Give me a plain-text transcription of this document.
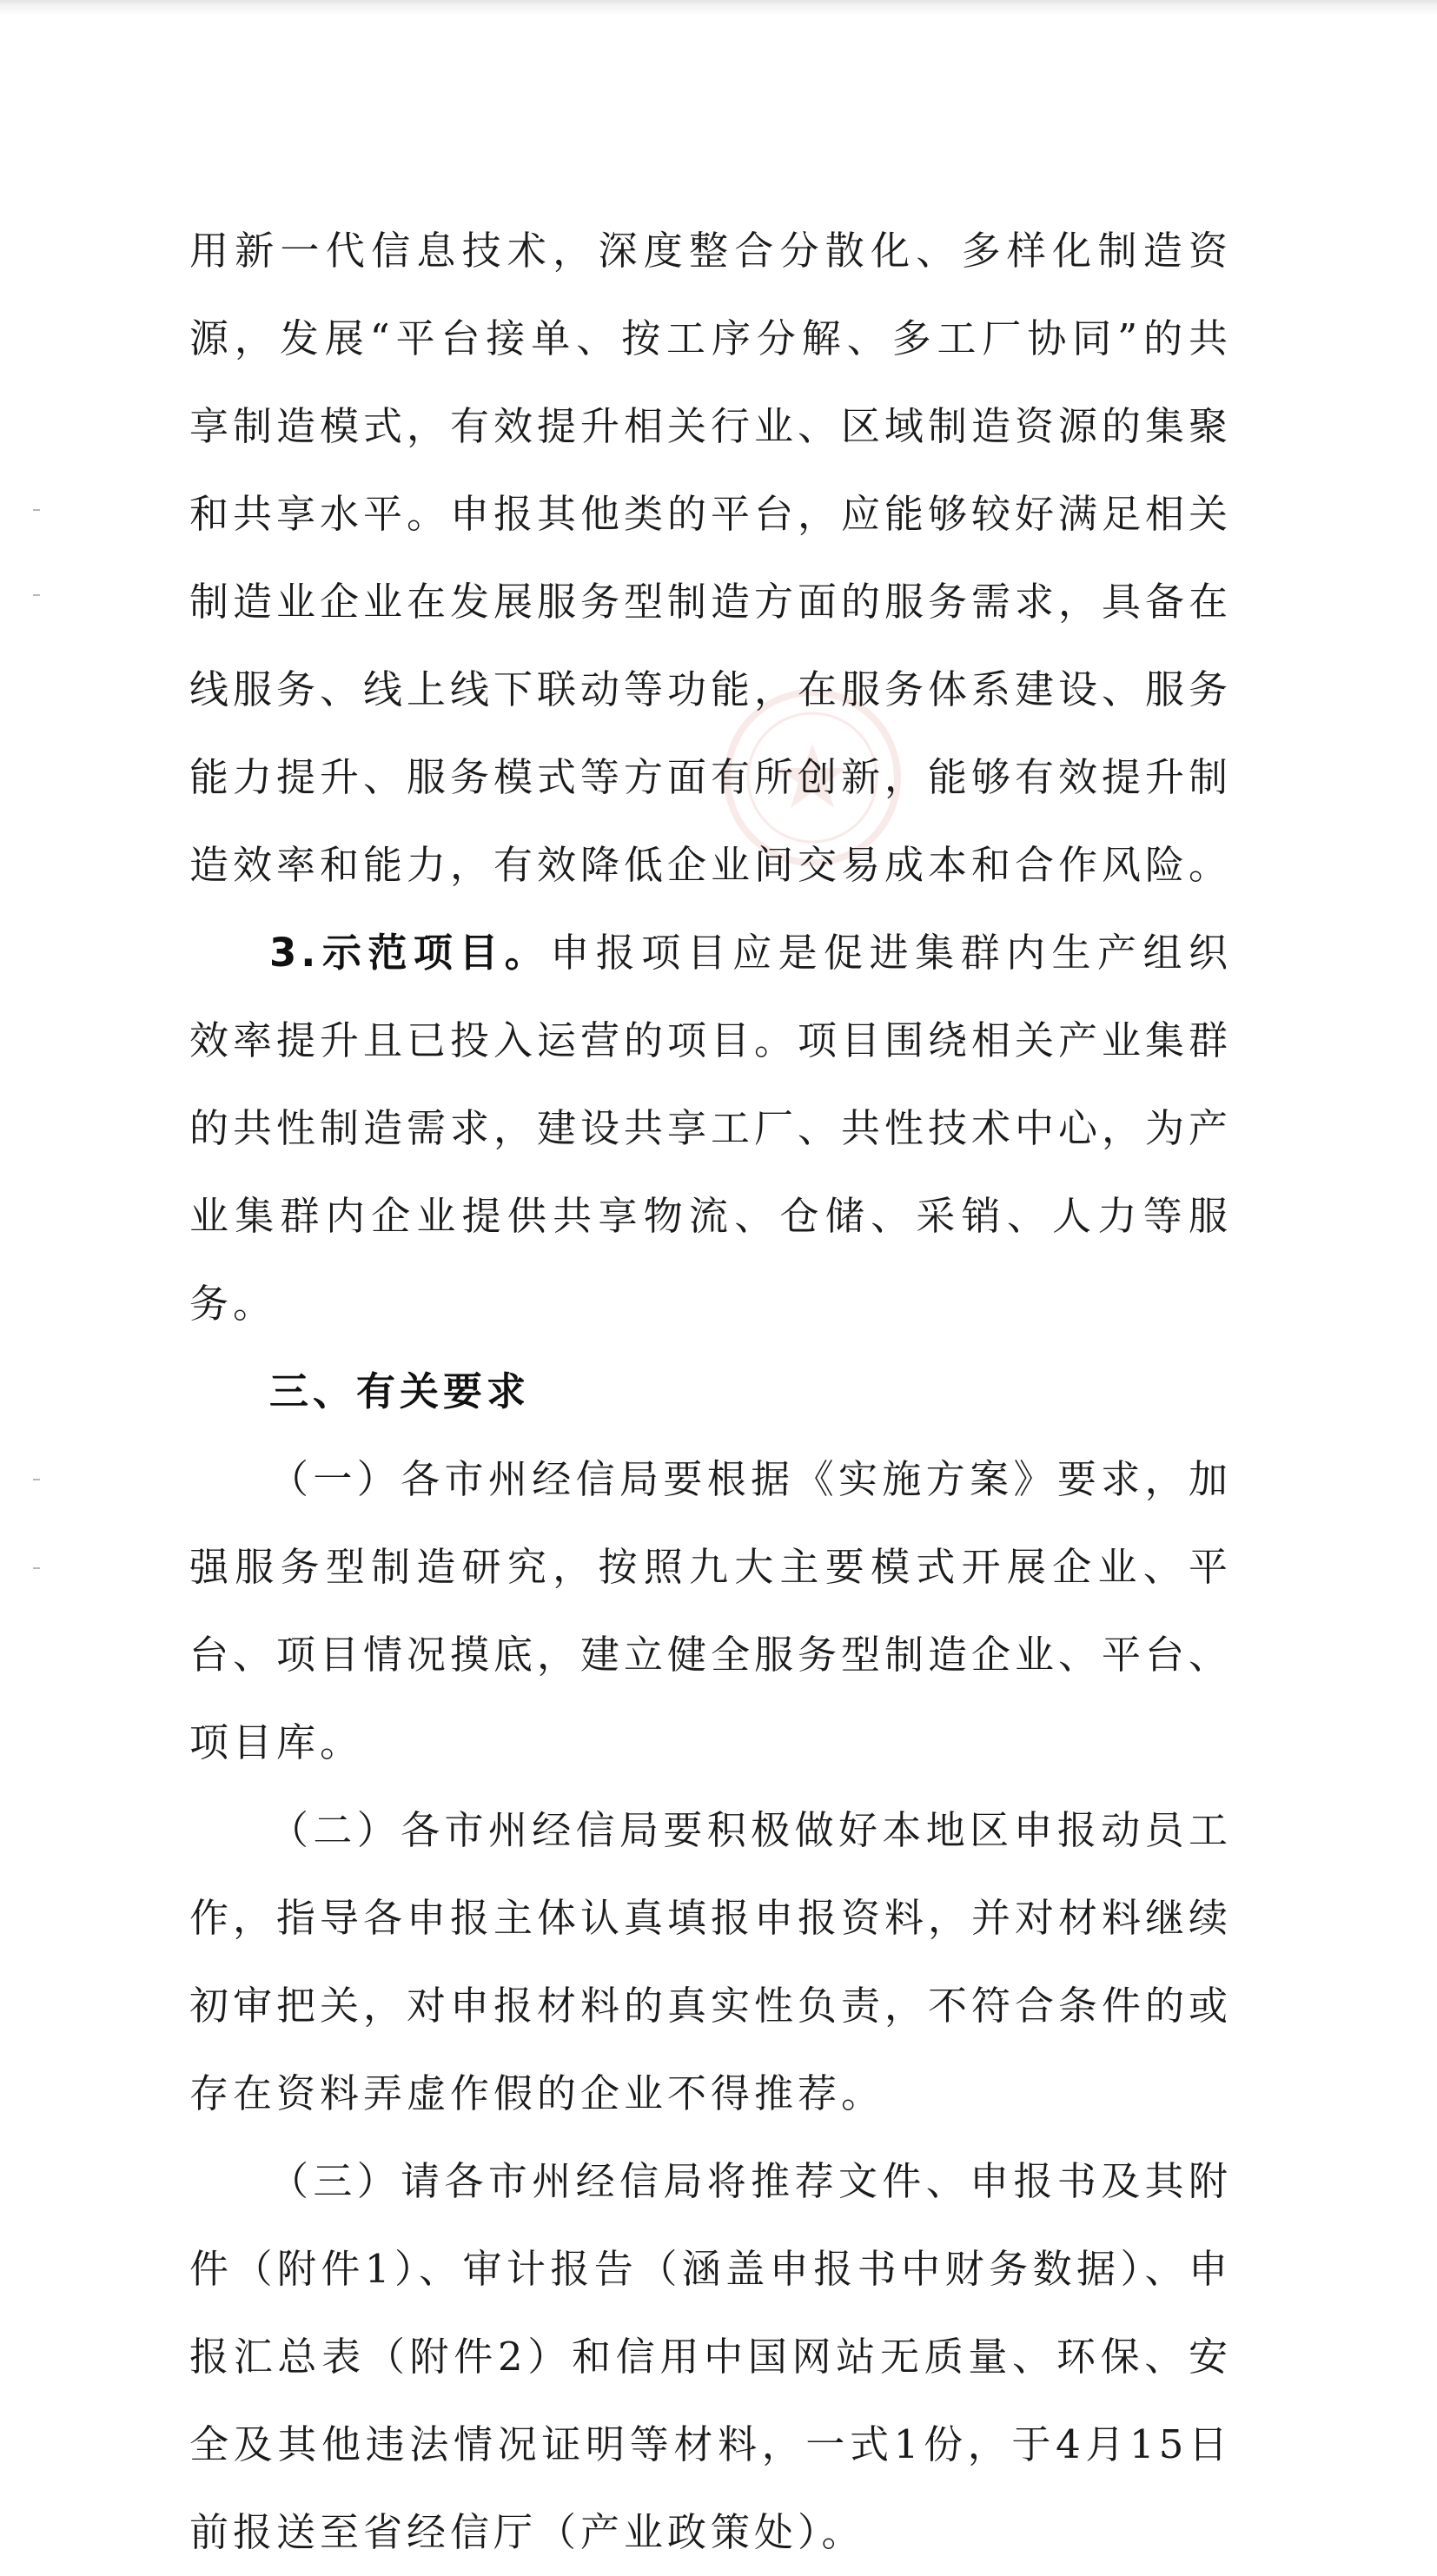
用新一代信息技术，深度整合分散化、多样化制造资源，发展“平台接单、按工序分解、多工厂协同”的共享制造模式，有效提升相关行业、区域制造资源的集聚和共享水平。申报其他类的平台，应能够较好满足相关制造业企业在发展服务型制造方面的服务需求，具备在线服务、线上线下联动等功能，在服务体系建设、服务能力提升、服务模式等方面有所创新，能够有效提升制造效率和能力，有效降低企业间交易成本和合作风险。

3.示范项目。申报项目应是促进集群内生产组织效率提升且已投入运营的项目。项目围绕相关产业集群的共性制造需求，建设共享工厂、共性技术中心，为产业集群内企业提供共享物流、仓储、采销、人力等服务。

三、有关要求

（一）各市州经信局要根据《实施方案》要求，加强服务型制造研究，按照九大主要模式开展企业、平台、项目情况摸底，建立健全服务型制造企业、平台、项目库。

（二）各市州经信局要积极做好本地区申报动员工作，指导各申报主体认真填报申报资料，并对材料继续初审把关，对申报材料的真实性负责，不符合条件的或存在资料弄虚作假的企业不得推荐。

（三）请各市州经信局将推荐文件、申报书及其附件（附件1）、审计报告（涵盖申报书中财务数据）、申报汇总表（附件2）和信用中国网站无质量、环保、安全及其他违法情况证明等材料，一式1份，于4月15日前报送至省经信厅（产业政策处）。
